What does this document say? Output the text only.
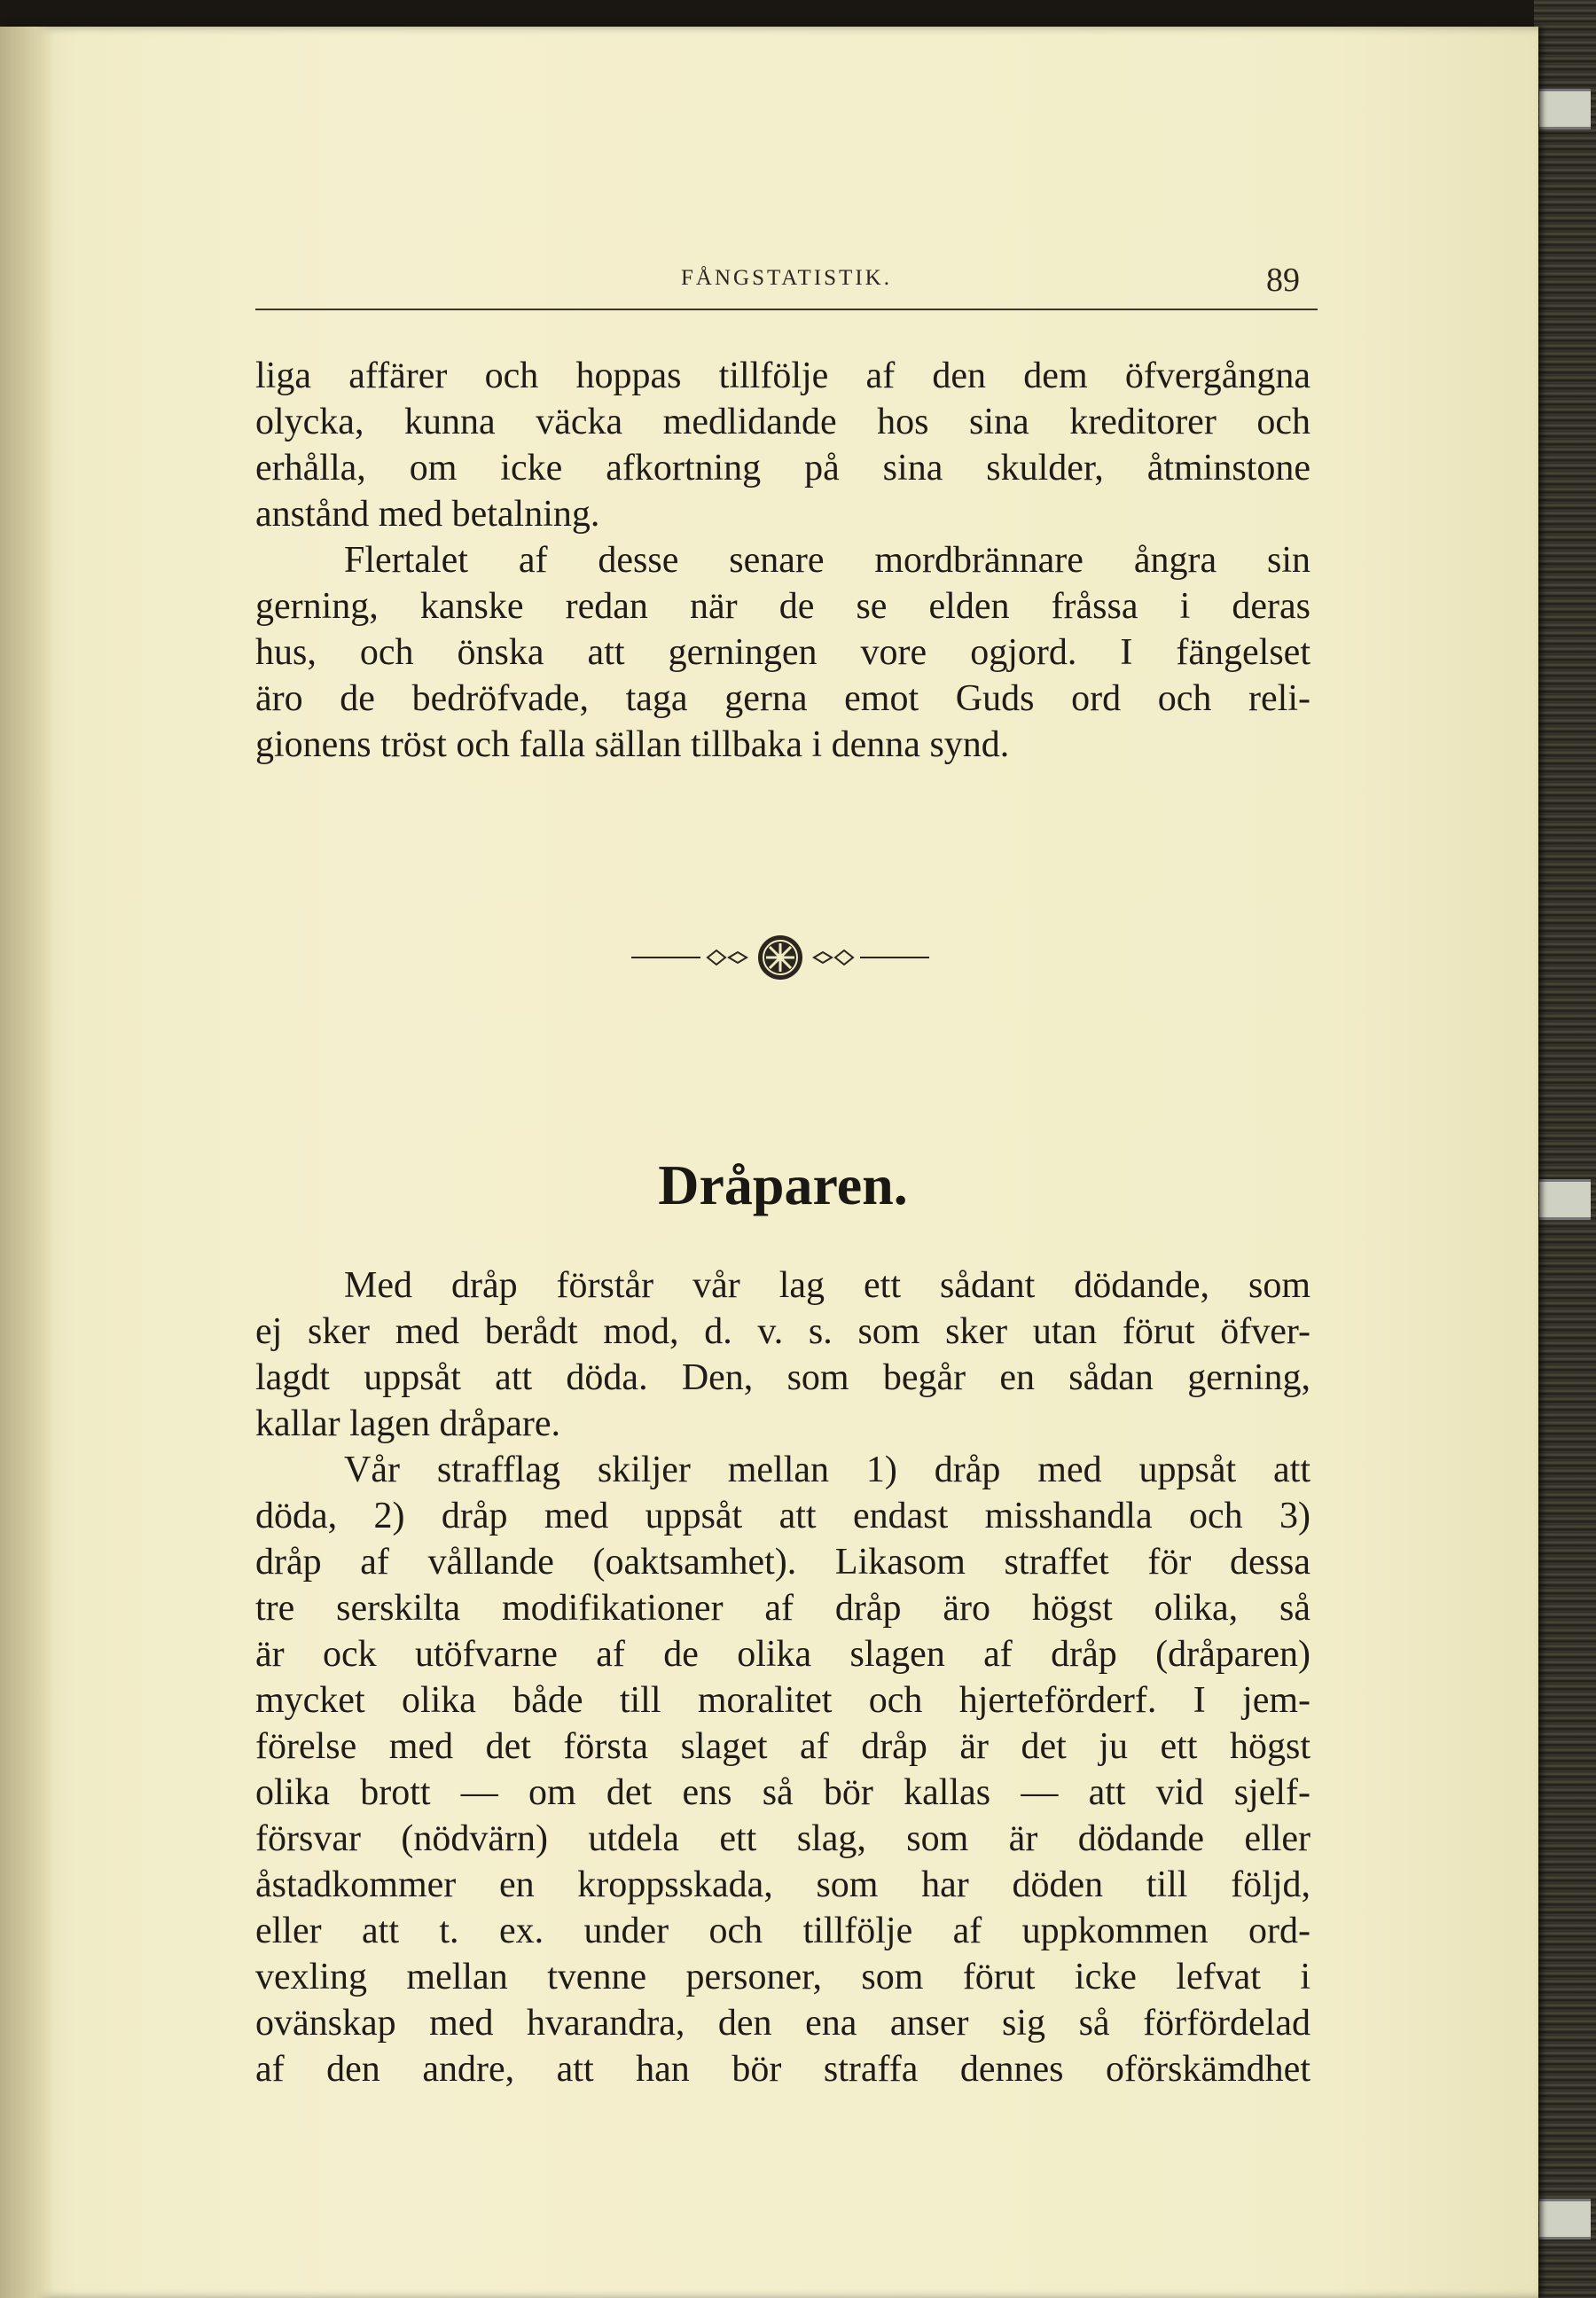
FÅNGSTATISTIK.	89
liga affärer och hoppas tillfölje af den dem öfvergångna
olycka, kunna väcka medlidande hos sina kreditorer och
erhålla, om icke afkortning på sina skulder, åtminstone
anstånd med betalning.
Flertalet af desse senare mordbrännare ångra sin
gerning, kanske redan när de se elden fråssa i deras
hus, och önska att gerningen vore ogjord. I fängelset
äro de bedröfvade, taga gerna emot Guds ord och reli-
gionens tröst och falla sällan tillbaka i denna synd.
Dråparen.
Med dråp förstår vår lag ett sådant dödande, som
ej sker med berådt mod, d. v. s. som sker utan förut öfver-
lagdt uppsåt att döda. Den, som begår en sådan gerning,
kallar lagen dråpare.
Vår strafflag skiljer mellan 1) dråp med uppsåt att
döda, 2) dråp med uppsåt att endast misshandla och 3)
dråp af vållande (oaktsamhet). Likasom straffet för dessa
tre serskilta modifikationer af dråp äro högst olika, så
är ock utöfvarne af de olika slagen af dråp (dråparen)
mycket olika både till moralitet och hjerteförderf. I jem-
förelse med det första slaget af dråp är det ju ett högst
olika brott — om det ens så bör kallas — att vid sjelf-
försvar (nödvärn) utdela ett slag, som är dödande eller
åstadkommer en kroppsskada, som har döden till följd,
eller att t. ex. under och tillfölje af uppkommen ord-
vexling mellan tvenne personer, som förut icke lefvat i
ovänskap med hvarandra, den ena anser sig så förfördelad
af den andre, att han bör straffa dennes oförskämdhet
